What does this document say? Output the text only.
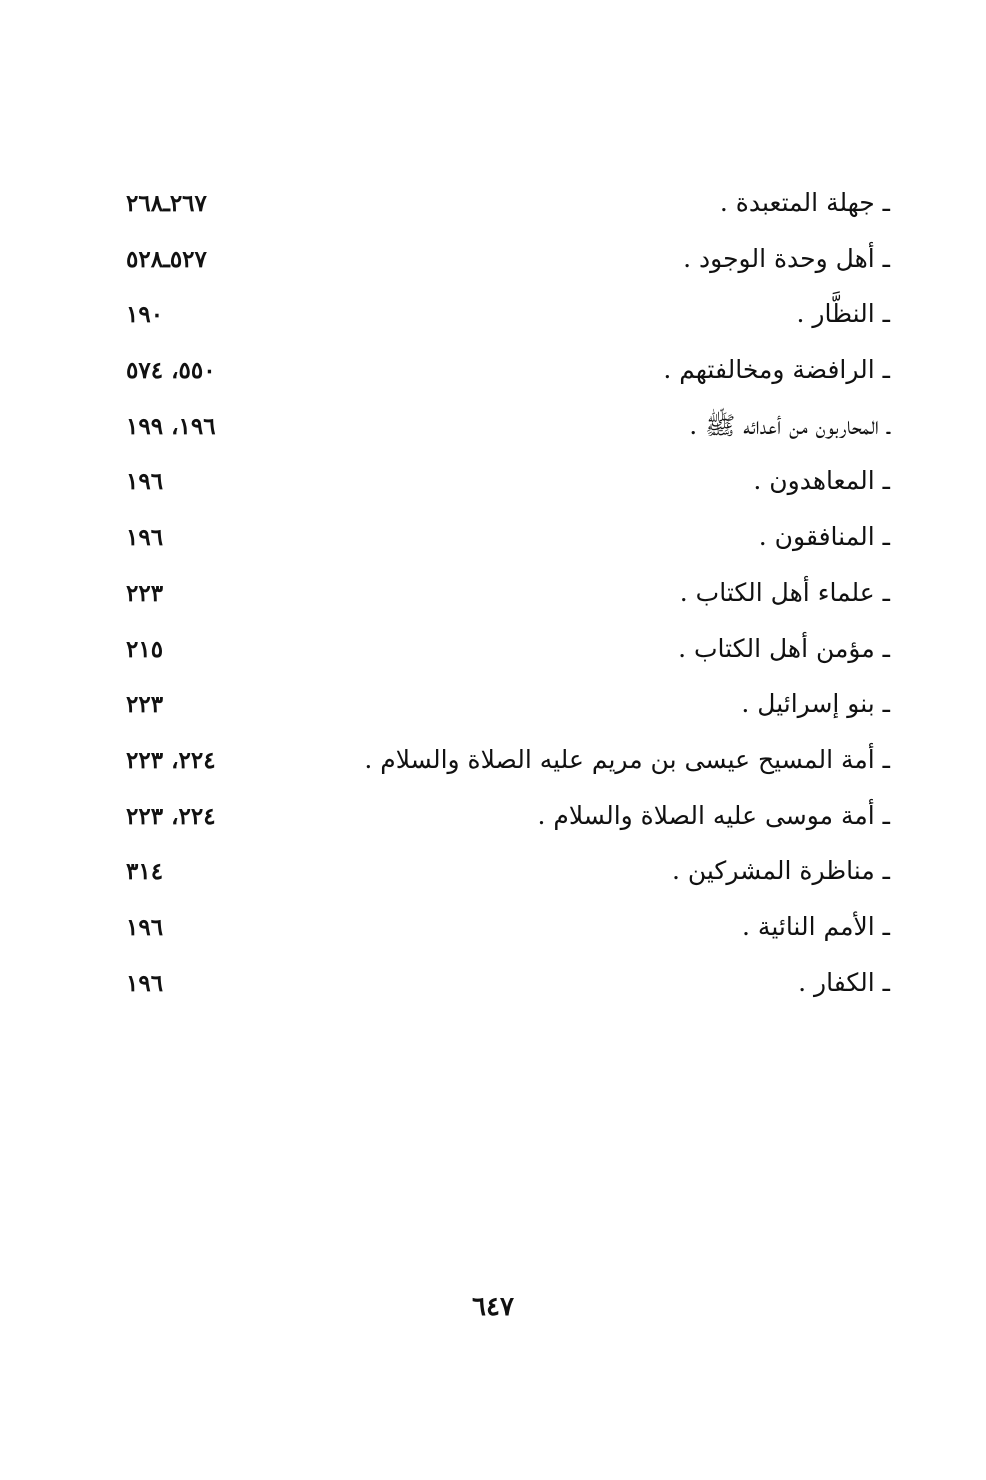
٢٦٧ـ٢٦٨	ـ جهلة المتعبدة .
٥٢٧ـ٥٢٨	ـ أهل وحدة الوجود .
١٩٠	ـ النظَّار .
٥٥٠، ٥٧٤	ـ الرافضة ومخالفتهم .
١٩٦، ١٩٩	ـ المحاربون من أعدائه ﷺ .
١٩٦	ـ المعاهدون .
١٩٦	ـ المنافقون .
٢٢٣	ـ علماء أهل الكتاب .
٢١٥	ـ مؤمن أهل الكتاب .
٢٢٣	ـ بنو إسرائيل .
٢٢٤، ٢٢٣	ـ أمة المسيح عيسى بن مريم عليه الصلاة والسلام .
٢٢٤، ٢٢٣	ـ أمة موسى عليه الصلاة والسلام .
٣١٤	ـ مناظرة المشركين .
١٩٦	ـ الأمم النائية .
١٩٦	ـ الكفار .
٦٤٧
